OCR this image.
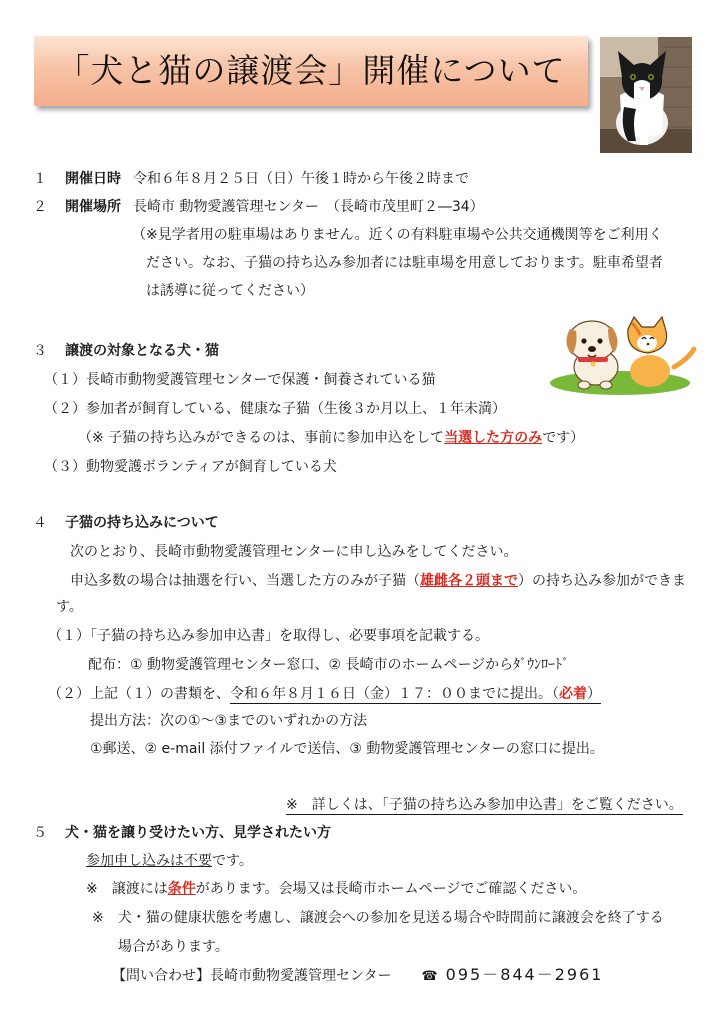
「犬と猫の譲渡会」開催について
１ 開催日時 令和６年８月２５日（日）午後１時から午後２時まで
２ 開催場所 長崎市 動物愛護管理センター　（長崎市茂里町２―34）
（※見学者用の駐車場はありません。近くの有料駐車場や公共交通機関等をご利用く
ださい。なお、子猫の持ち込み参加者には駐車場を用意しております。駐車希望者
は誘導に従ってください）
３ 譲渡の対象となる犬・猫
（１）長崎市動物愛護管理センターで保護・飼養されている猫
（２）参加者が飼育している、健康な子猫（生後３か月以上、１年未満）
（※ 子猫の持ち込みができるのは、事前に参加申込をして当選した方のみです）
（３）動物愛護ボランティアが飼育している犬
４ 子猫の持ち込みについて
次のとおり、長崎市動物愛護管理センターに申し込みをしてください。
申込多数の場合は抽選を行い、当選した方のみが子猫（雄雌各２頭まで）の持ち込み参加ができま
す。
（１）「子猫の持ち込み参加申込書」を取得し、必要事項を記載する。
配布：① 動物愛護管理センター窓口、② 長崎市のホームページからﾀﾞｳﾝﾛｰﾄﾞ
（２）上記（１）の書類を、令和６年８月１６日（金）１７：００までに提出。（必着）
提出方法：次の①～③までのいずれかの方法
①郵送、② e-mail 添付ファイルで送信、③ 動物愛護管理センターの窓口に提出。
※　詳しくは、「子猫の持ち込み参加申込書」をご覧ください。
５ 犬・猫を譲り受けたい方、見学されたい方
参加申し込みは不要です。
※　譲渡には条件があります。会場又は長崎市ホームページでご確認ください。
※　犬・猫の健康状態を考慮し、譲渡会への参加を見送る場合や時間前に譲渡会を終了する
場合があります。
【問い合わせ】長崎市動物愛護管理センター ☎ 095－844－2961
